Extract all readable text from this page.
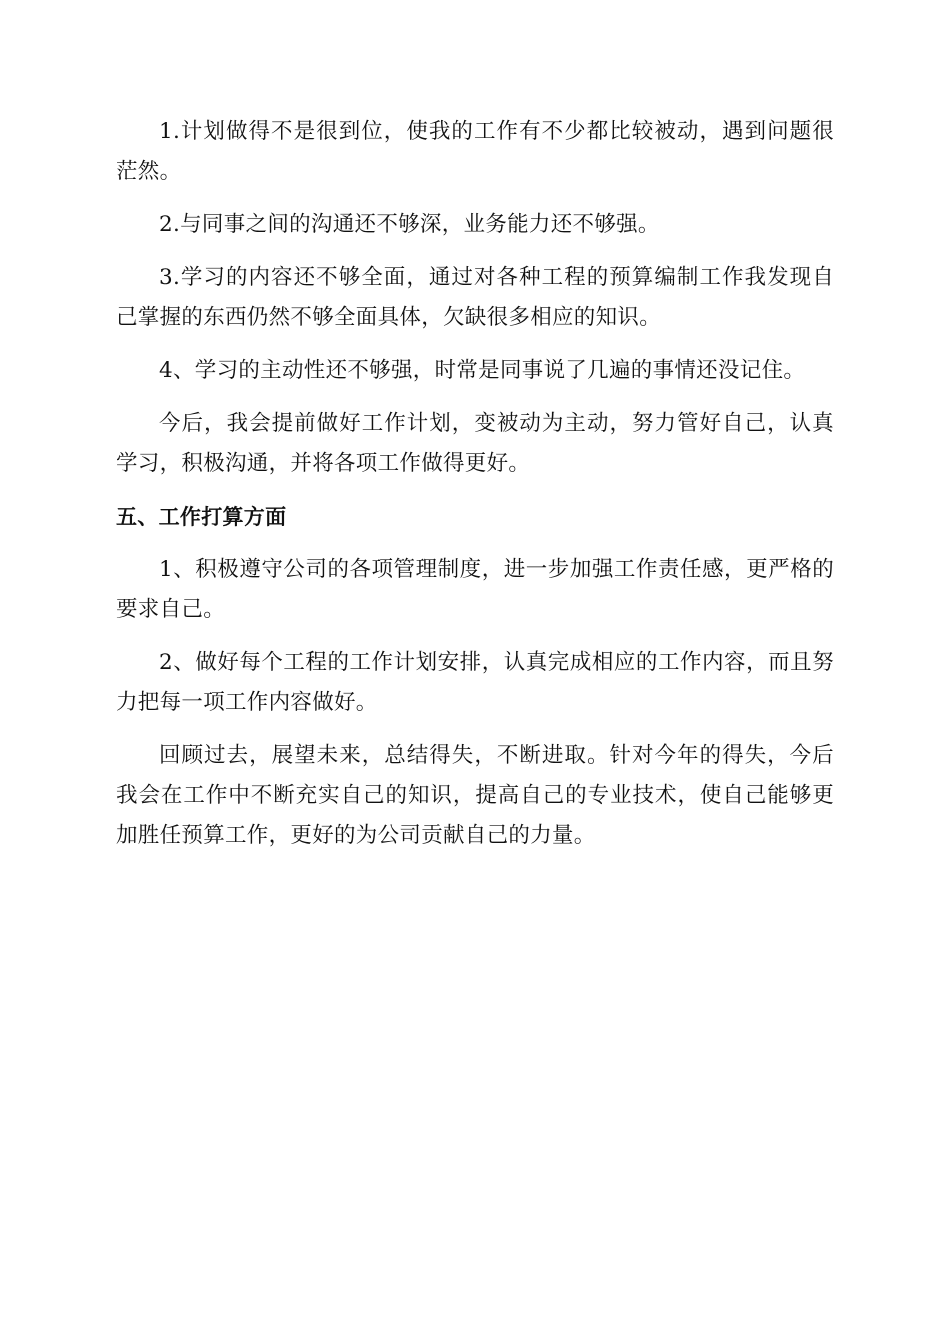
1.计划做得不是很到位，使我的工作有不少都比较被动，遇到问题很茫然。

2.与同事之间的沟通还不够深，业务能力还不够强。

3.学习的内容还不够全面，通过对各种工程的预算编制工作我发现自己掌握的东西仍然不够全面具体，欠缺很多相应的知识。

4、学习的主动性还不够强，时常是同事说了几遍的事情还没记住。

今后，我会提前做好工作计划，变被动为主动，努力管好自己，认真学习，积极沟通，并将各项工作做得更好。

五、工作打算方面

1、积极遵守公司的各项管理制度，进一步加强工作责任感，更严格的要求自己。

2、做好每个工程的工作计划安排，认真完成相应的工作内容，而且努力把每一项工作内容做好。

回顾过去，展望未来，总结得失，不断进取。针对今年的得失，今后我会在工作中不断充实自己的知识，提高自己的专业技术，使自己能够更加胜任预算工作，更好的为公司贡献自己的力量。
